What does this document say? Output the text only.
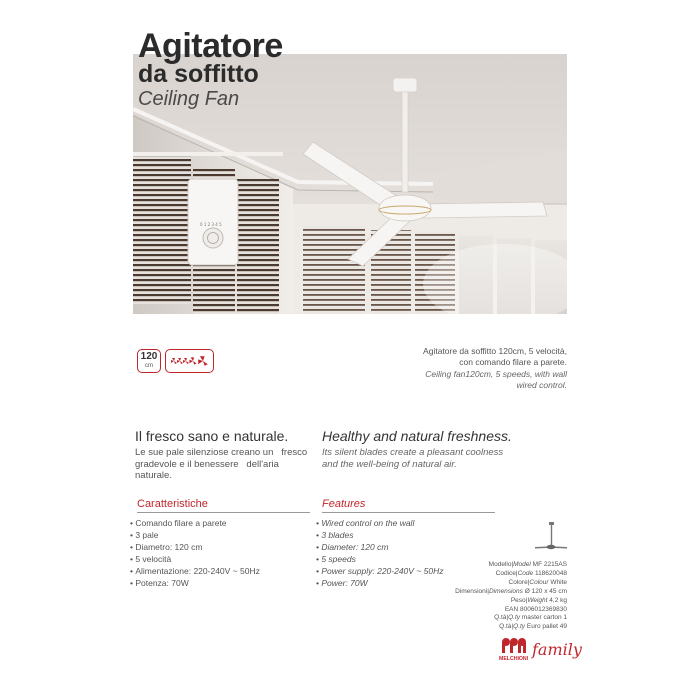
0 1 2 3 4 5
Agitatore
da soffitto
Ceiling Fan
120
cm
Agitatore da soffitto 120cm, 5 velocità,
con comando filare a parete.
Ceiling fan120cm, 5 speeds, with wall
wired control.
Il fresco sano e naturale. Healthy and natural freshness.
Le sue pale silenziose creano un   fresco
gradevole e il benessere   dell'aria
naturale.
Its silent blades create a pleasant coolness
and the well-being of natural air.
Caratteristiche	Features
• Comando filare a parete
• 3 pale
• Diametro: 120 cm
• 5 velocità
• Alimentazione: 220-240V ~ 50Hz
• Potenza: 70W
• Wired control on the wall
• 3 blades
• Diameter: 120 cm
• 5 speeds
• Power supply: 220-240V ~ 50Hz
• Power: 70W
Modello|Model MF 2215AS
Codice|Code 118620048
Colore|Colour White
Dimensioni|Dimensions Ø 120 x 45 cm
Peso|Weight 4,2 kg
EAN 8006012369830
Q.tà|Q.ty master carton 1
Q.tà|Q.ty Euro pallet 49
MELCHIONI family
